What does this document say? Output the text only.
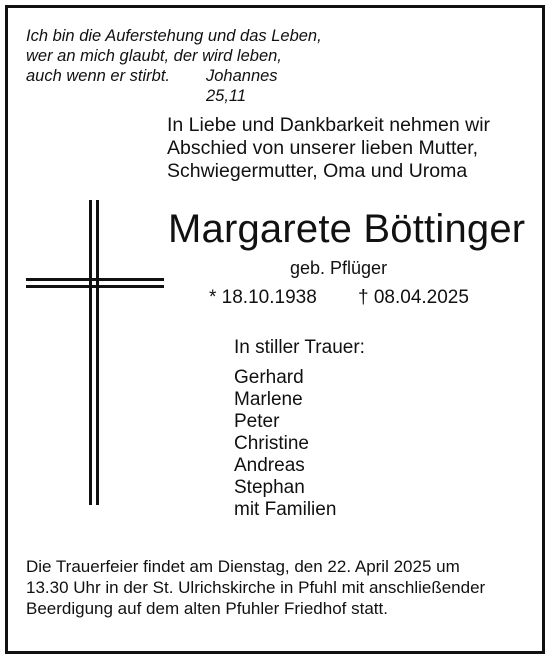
Ich bin die Auferstehung und das Leben,
wer an mich glaubt, der wird leben,
auch wenn er stirbt.	Johannes 25,11
In Liebe und Dankbarkeit nehmen wir
Abschied von unserer lieben Mutter,
Schwiegermutter, Oma und Uroma
Margarete Böttinger
geb. Pflüger
* 18.10.1938 † 08.04.2025
In stiller Trauer:
Gerhard
Marlene
Peter
Christine
Andreas
Stephan
mit Familien
Die Trauerfeier findet am Dienstag, den 22. April 2025 um
13.30 Uhr in der St. Ulrichskirche in Pfuhl mit anschließender
Beerdigung auf dem alten Pfuhler Friedhof statt.
